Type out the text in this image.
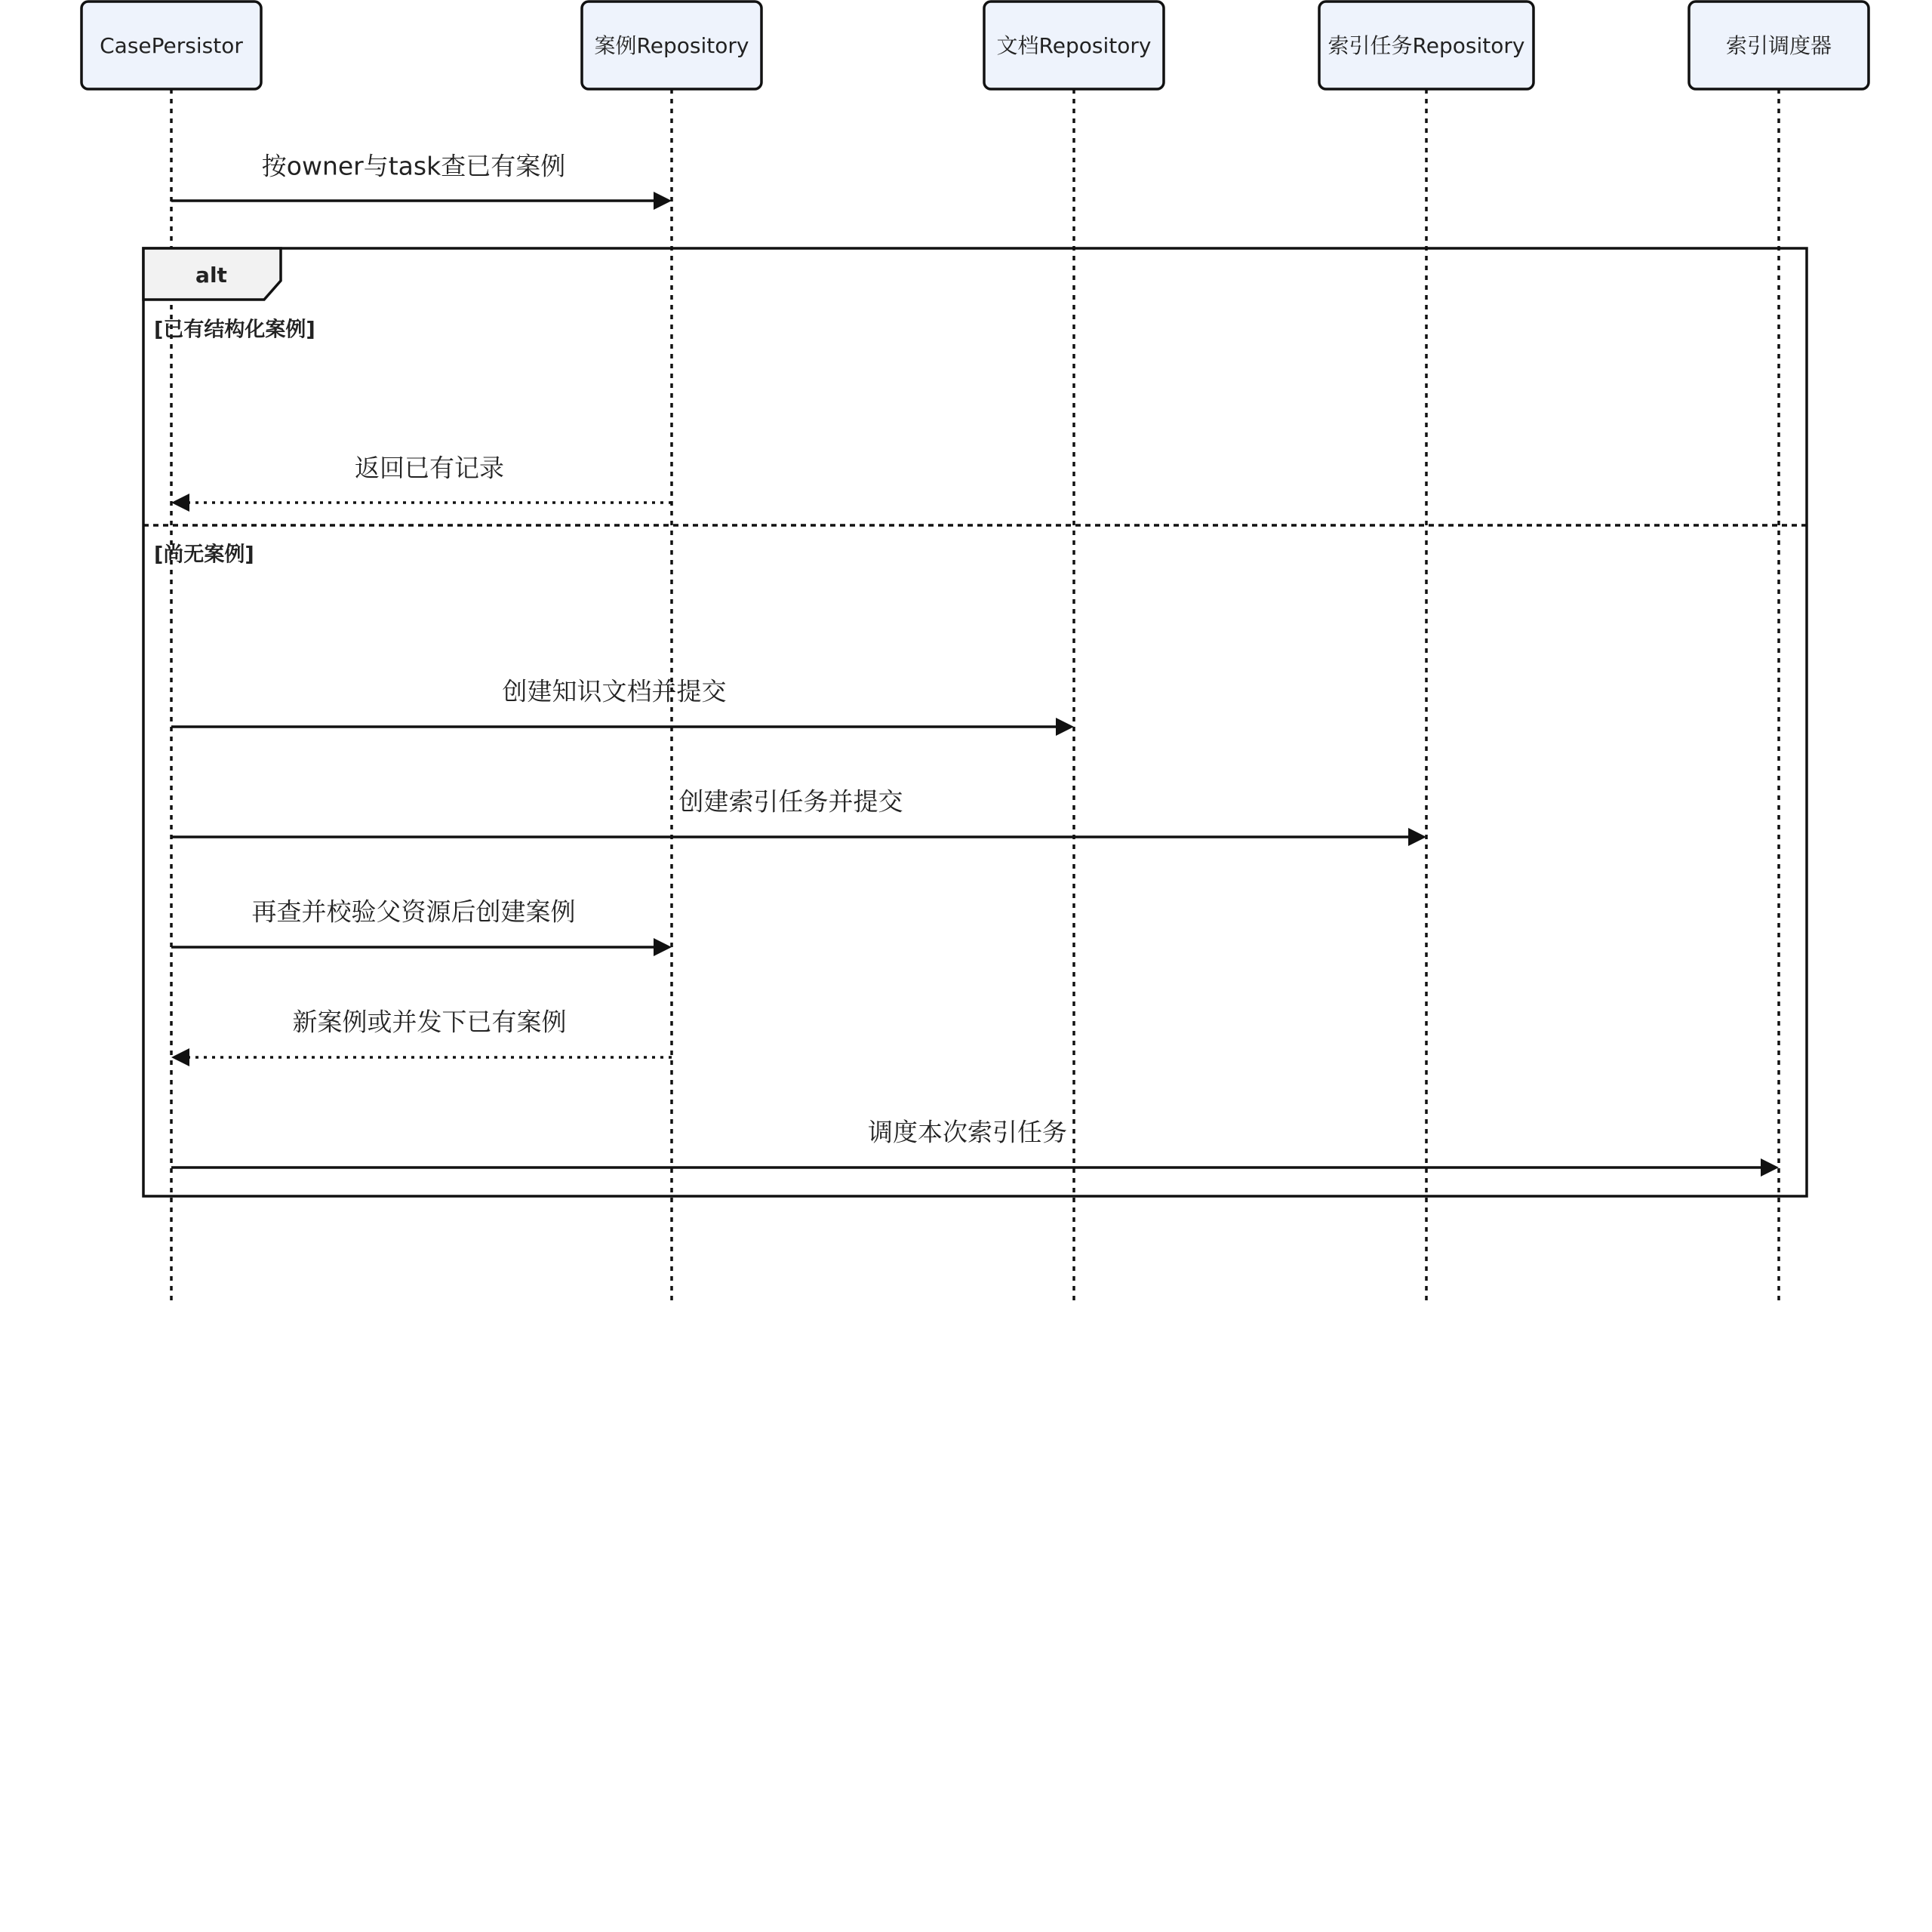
CasePersistor	案例Repository	文档Repository	索引任务Repository	索引调度器
alt
[已有结构化案例]
[尚无案例]
按owner与task查已有案例
返回已有记录
创建知识文档并提交
创建索引任务并提交
再查并校验父资源后创建案例
新案例或并发下已有案例
调度本次索引任务
